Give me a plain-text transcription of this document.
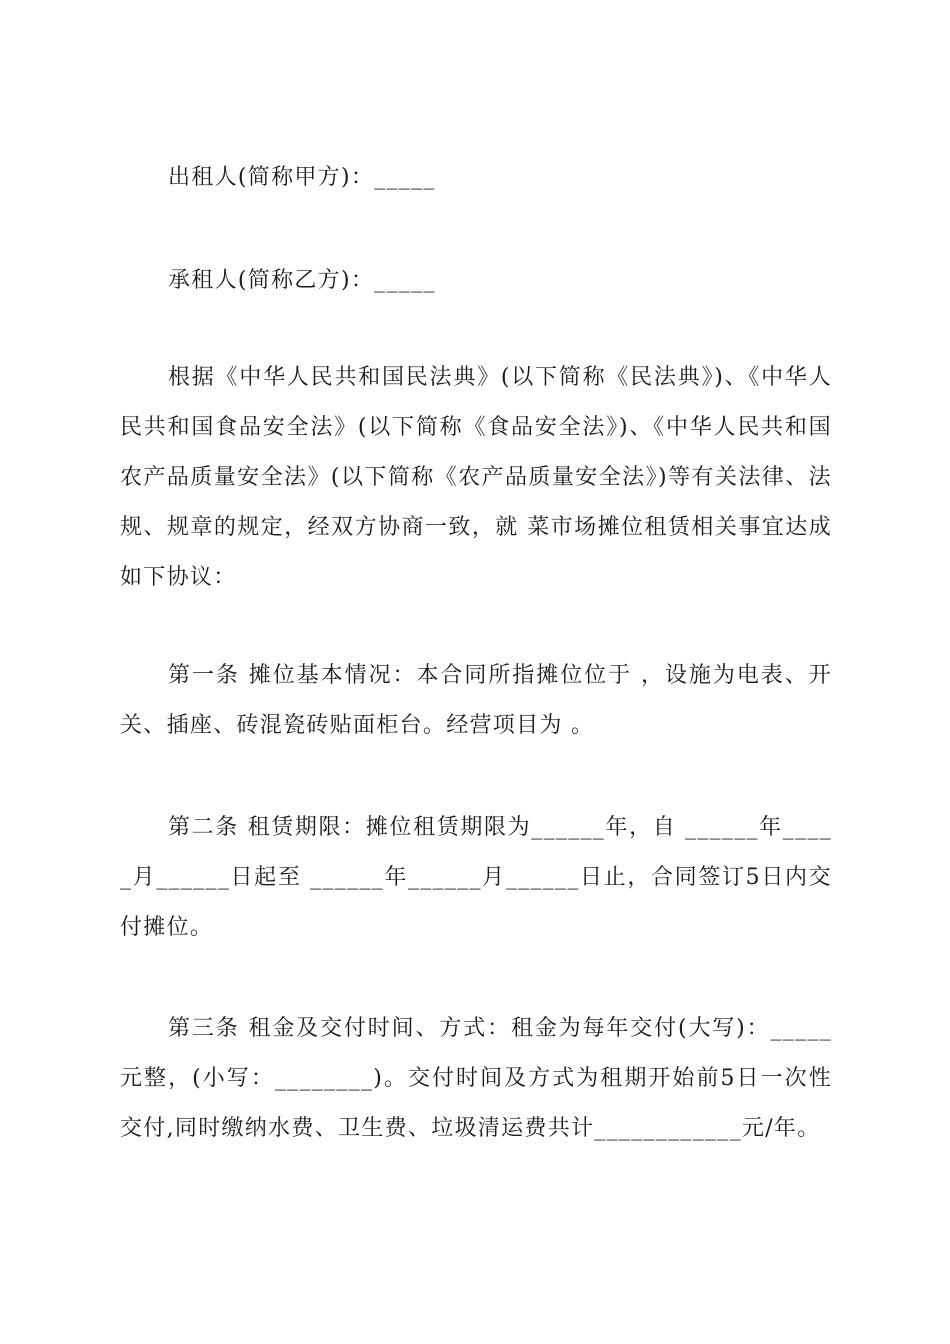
出租人(简称甲方)：_____

承租人(简称乙方)：_____

根据《中华人民共和国民法典》(以下简称《民法典》)、《中华人民共和国食品安全法》(以下简称《食品安全法》)、《中华人民共和国农产品质量安全法》(以下简称《农产品质量安全法》)等有关法律、法规、规章的规定，经双方协商一致，就 菜市场摊位租赁相关事宜达成如下协议：

第一条 摊位基本情况：本合同所指摊位位于 ，设施为电表、开关、插座、砖混瓷砖贴面柜台。经营项目为 。

第二条 租赁期限：摊位租赁期限为______年，自 ______年_____月______日起至 ______年______月______日止，合同签订5日内交付摊位。

第三条 租金及交付时间、方式：租金为每年交付(大写)：_____元整，(小写：________)。交付时间及方式为租期开始前5日一次性交付,同时缴纳水费、卫生费、垃圾清运费共计____________元/年。
